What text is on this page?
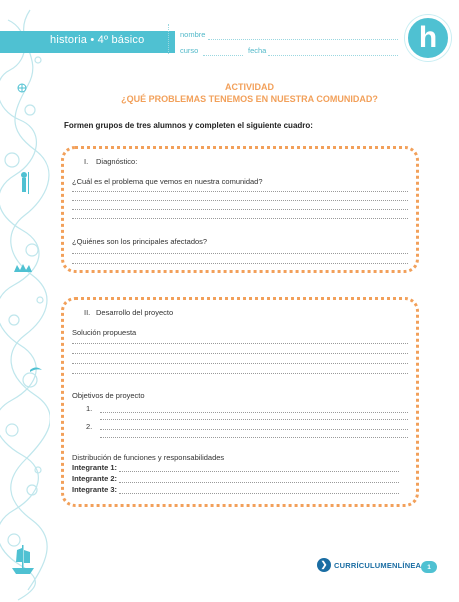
historia • 4º básico	nombre
curso	fecha	h
ACTIVIDAD
¿QUÉ PROBLEMAS TENEMOS EN NUESTRA COMUNIDAD?
Formen grupos de tres alumnos y completen el siguiente cuadro:
I. Diagnóstico:
¿Cuál es el problema que vemos en nuestra comunidad?
¿Quiénes son los principales afectados?
II. Desarrollo del proyecto
Solución propuesta
Objetivos de proyecto
1.
2.
Distribución de funciones y responsabilidades
Integrante 1:
Integrante 2:
Integrante 3:
❯ CURRÍCULUMENLÍNEA 1
